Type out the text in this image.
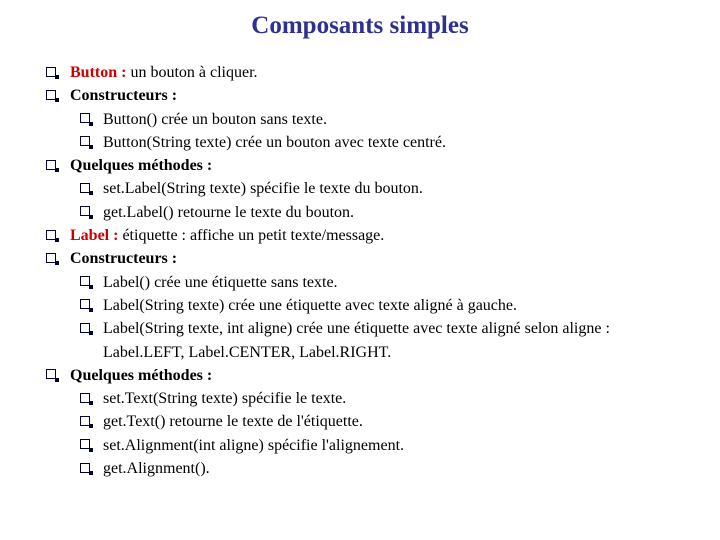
Composants simples
Button : un bouton à cliquer.
Constructeurs :
Button() crée un bouton sans texte.
Button(String texte) crée un bouton avec texte centré.
Quelques méthodes :
set.Label(String texte) spécifie le texte du bouton.
get.Label() retourne le texte du bouton.
Label : étiquette : affiche un petit texte/message.
Constructeurs :
Label() crée une étiquette sans texte.
Label(String texte) crée une étiquette avec texte aligné à gauche.
Label(String texte, int aligne) crée une étiquette avec texte aligné selon aligne :
Label.LEFT, Label.CENTER, Label.RIGHT.
Quelques méthodes :
set.Text(String texte) spécifie le texte.
get.Text() retourne le texte de l'étiquette.
set.Alignment(int aligne) spécifie l'alignement.
get.Alignment().
